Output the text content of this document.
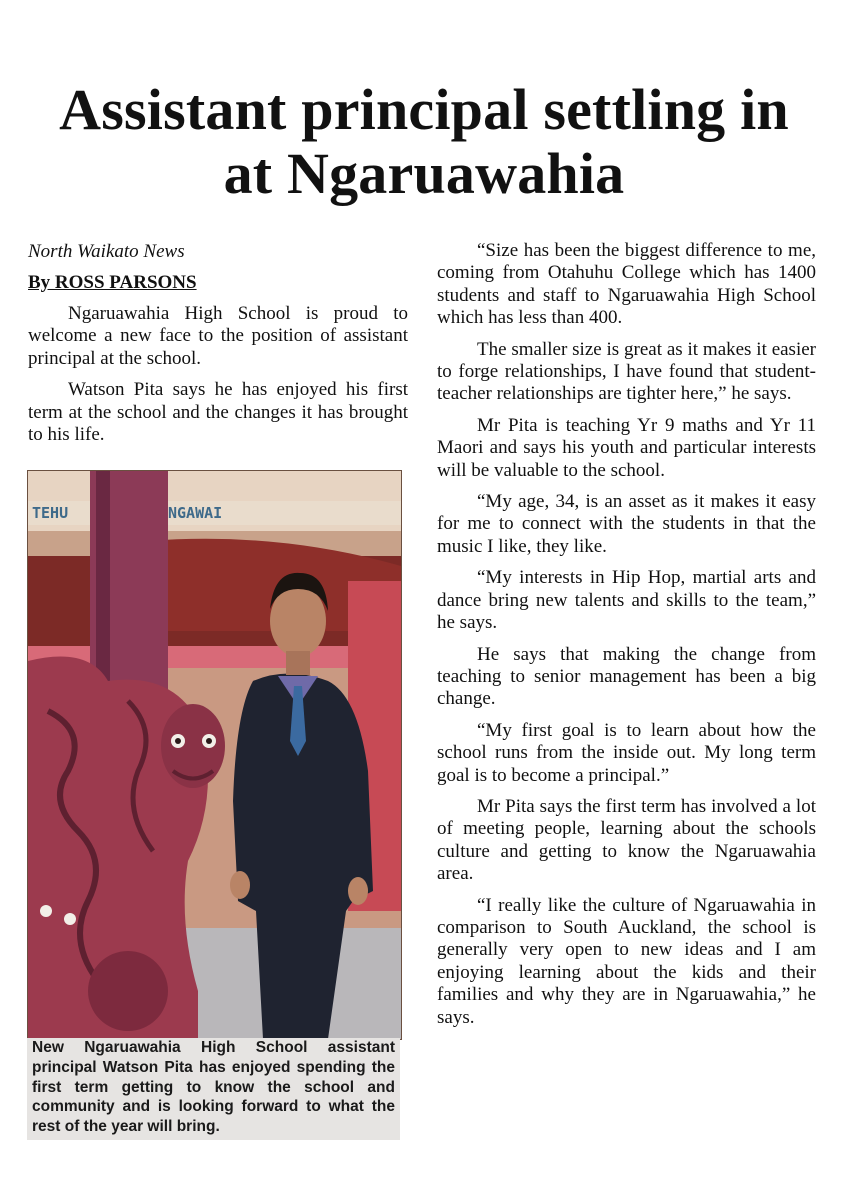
Assistant principal settling in
at Ngaruawahia

North Waikato News

By ROSS PARSONS

Ngaruawahia High School is proud to welcome a new face to the position of assistant principal at the school.

Watson Pita says he has enjoyed his first term at the school and the changes it has brought to his life.

TEHU	NGAWAI
New Ngaruawahia High School assistant principal Watson Pita has enjoyed spending the first term getting to know the school and community and is looking forward to what the rest of the year will bring.

“Size has been the biggest difference to me, coming from Otahuhu College which has 1400 students and staff to Ngaruawahia High School which has less than 400.

The smaller size is great as it makes it easier to forge relationships, I have found that student-teacher relationships are tighter here,” he says.

Mr Pita is teaching Yr 9 maths and Yr 11 Maori and says his youth and particular interests will be valuable to the school.

“My age, 34, is an asset as it makes it easy for me to connect with the students in that the music I like, they like.

“My interests in Hip Hop, martial arts and dance bring new talents and skills to the team,” he says.

He says that making the change from teaching to senior management has been a big change.

“My first goal is to learn about how the school runs from the inside out. My long term goal is to become a principal.”

Mr Pita says the first term has involved a lot of meeting people, learning about the schools culture and getting to know the Ngaruawahia area.

“I really like the culture of Ngaruawahia in comparison to South Auckland, the school is generally very open to new ideas and I am enjoying learning about the kids and their families and why they are in Ngaruawahia,” he says.
